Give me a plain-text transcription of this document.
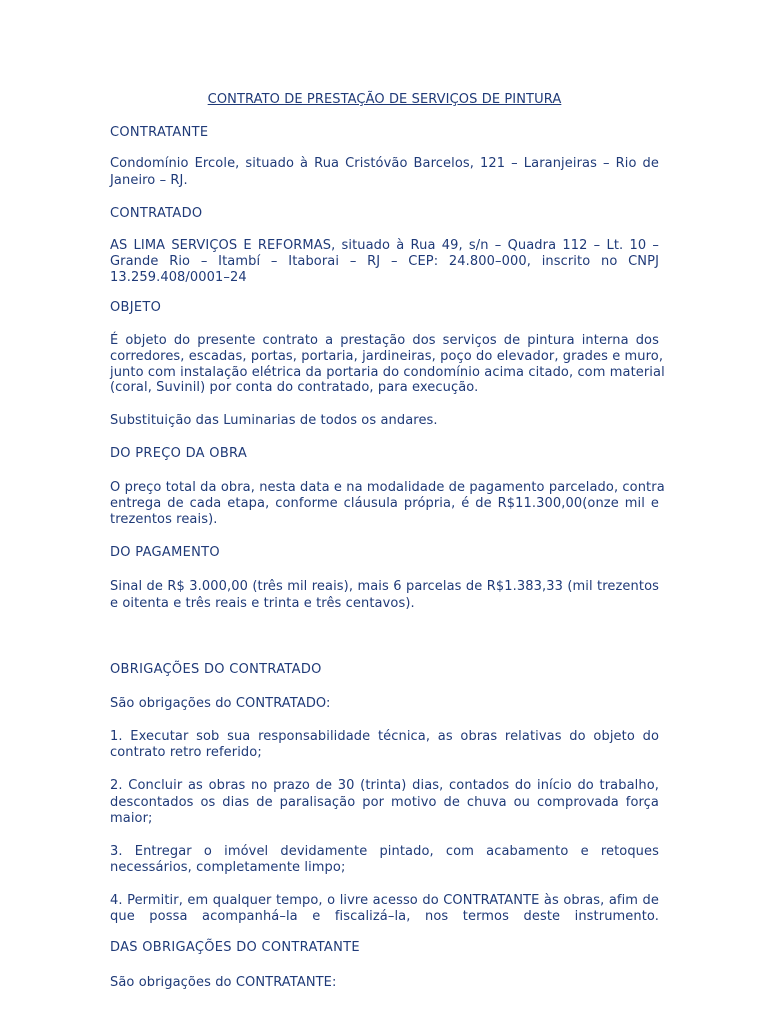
CONTRATO DE PRESTAÇÃO DE SERVIÇOS DE PINTURA
CONTRATANTE
Condomínio Ercole, situado à Rua Cristóvão Barcelos, 121 – Laranjeiras – Rio de
Janeiro – RJ.
CONTRATADO
AS LIMA SERVIÇOS E REFORMAS, situado à Rua 49, s/n – Quadra 112 – Lt. 10 –
Grande Rio – Itambí – Itaborai – RJ – CEP: 24.800–000, inscrito no CNPJ
13.259.408/0001–24
OBJETO
É objeto do presente contrato a prestação dos serviços de pintura interna dos
corredores, escadas, portas, portaria, jardineiras, poço do elevador, grades e muro,
junto com instalação elétrica da portaria do condomínio acima citado, com material
(coral, Suvinil) por conta do contratado, para execução.
Substituição das Luminarias de todos os andares.
DO PREÇO DA OBRA
O preço total da obra, nesta data e na modalidade de pagamento parcelado, contra
entrega de cada etapa, conforme cláusula própria, é de R$11.300,00(onze mil e
trezentos reais).
DO PAGAMENTO
Sinal de R$ 3.000,00 (três mil reais), mais 6 parcelas de R$1.383,33 (mil trezentos
e oitenta e três reais e trinta e três centavos).
OBRIGAÇÕES DO CONTRATADO
São obrigações do CONTRATADO:
1. Executar sob sua responsabilidade técnica, as obras relativas do objeto do
contrato retro referido;
2. Concluir as obras no prazo de 30 (trinta) dias, contados do início do trabalho,
descontados os dias de paralisação por motivo de chuva ou comprovada força
maior;
3. Entregar o imóvel devidamente pintado, com acabamento e retoques
necessários, completamente limpo;
4. Permitir, em qualquer tempo, o livre acesso do CONTRATANTE às obras, afim de
que possa acompanhá–la e fiscalizá–la, nos termos deste instrumento.
DAS OBRIGAÇÕES DO CONTRATANTE
São obrigações do CONTRATANTE:
